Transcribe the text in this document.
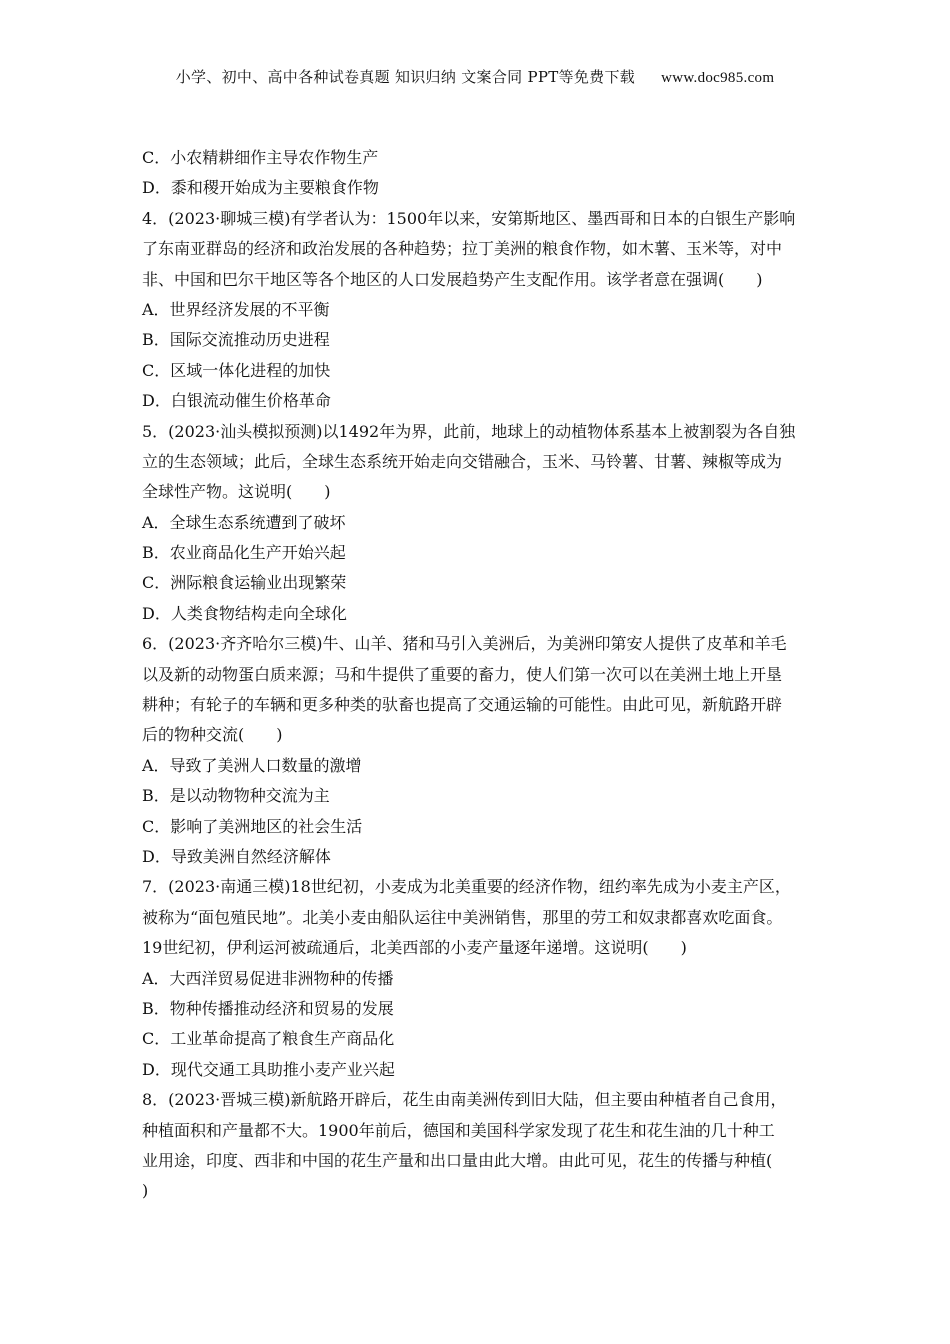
小学、初中、高中各种试卷真题 知识归纳 文案合同 PPT等免费下载 www.doc985.com
C．小农精耕细作主导农作物生产
D．黍和稷开始成为主要粮食作物
4．(2023·聊城三模)有学者认为：1500年以来，安第斯地区、墨西哥和日本的白银生产影响
了东南亚群岛的经济和政治发展的各种趋势；拉丁美洲的粮食作物，如木薯、玉米等，对中
非、中国和巴尔干地区等各个地区的人口发展趋势产生支配作用。该学者意在强调(　　)
A．世界经济发展的不平衡
B．国际交流推动历史进程
C．区域一体化进程的加快
D．白银流动催生价格革命
5．(2023·汕头模拟预测)以1492年为界，此前，地球上的动植物体系基本上被割裂为各自独
立的生态领域；此后，全球生态系统开始走向交错融合，玉米、马铃薯、甘薯、辣椒等成为
全球性产物。这说明(　　)
A．全球生态系统遭到了破坏
B．农业商品化生产开始兴起
C．洲际粮食运输业出现繁荣
D．人类食物结构走向全球化
6．(2023·齐齐哈尔三模)牛、山羊、猪和马引入美洲后，为美洲印第安人提供了皮革和羊毛
以及新的动物蛋白质来源；马和牛提供了重要的畜力，使人们第一次可以在美洲土地上开垦
耕种；有轮子的车辆和更多种类的驮畜也提高了交通运输的可能性。由此可见，新航路开辟
后的物种交流(　　)
A．导致了美洲人口数量的激增
B．是以动物物种交流为主
C．影响了美洲地区的社会生活
D．导致美洲自然经济解体
7．(2023·南通三模)18世纪初，小麦成为北美重要的经济作物，纽约率先成为小麦主产区，
被称为“面包殖民地”。北美小麦由船队运往中美洲销售，那里的劳工和奴隶都喜欢吃面食。
19世纪初，伊利运河被疏通后，北美西部的小麦产量逐年递增。这说明(　　)
A．大西洋贸易促进非洲物种的传播
B．物种传播推动经济和贸易的发展
C．工业革命提高了粮食生产商品化
D．现代交通工具助推小麦产业兴起
8．(2023·晋城三模)新航路开辟后，花生由南美洲传到旧大陆，但主要由种植者自己食用，
种植面积和产量都不大。1900年前后，德国和美国科学家发现了花生和花生油的几十种工
业用途，印度、西非和中国的花生产量和出口量由此大增。由此可见，花生的传播与种植(
)
